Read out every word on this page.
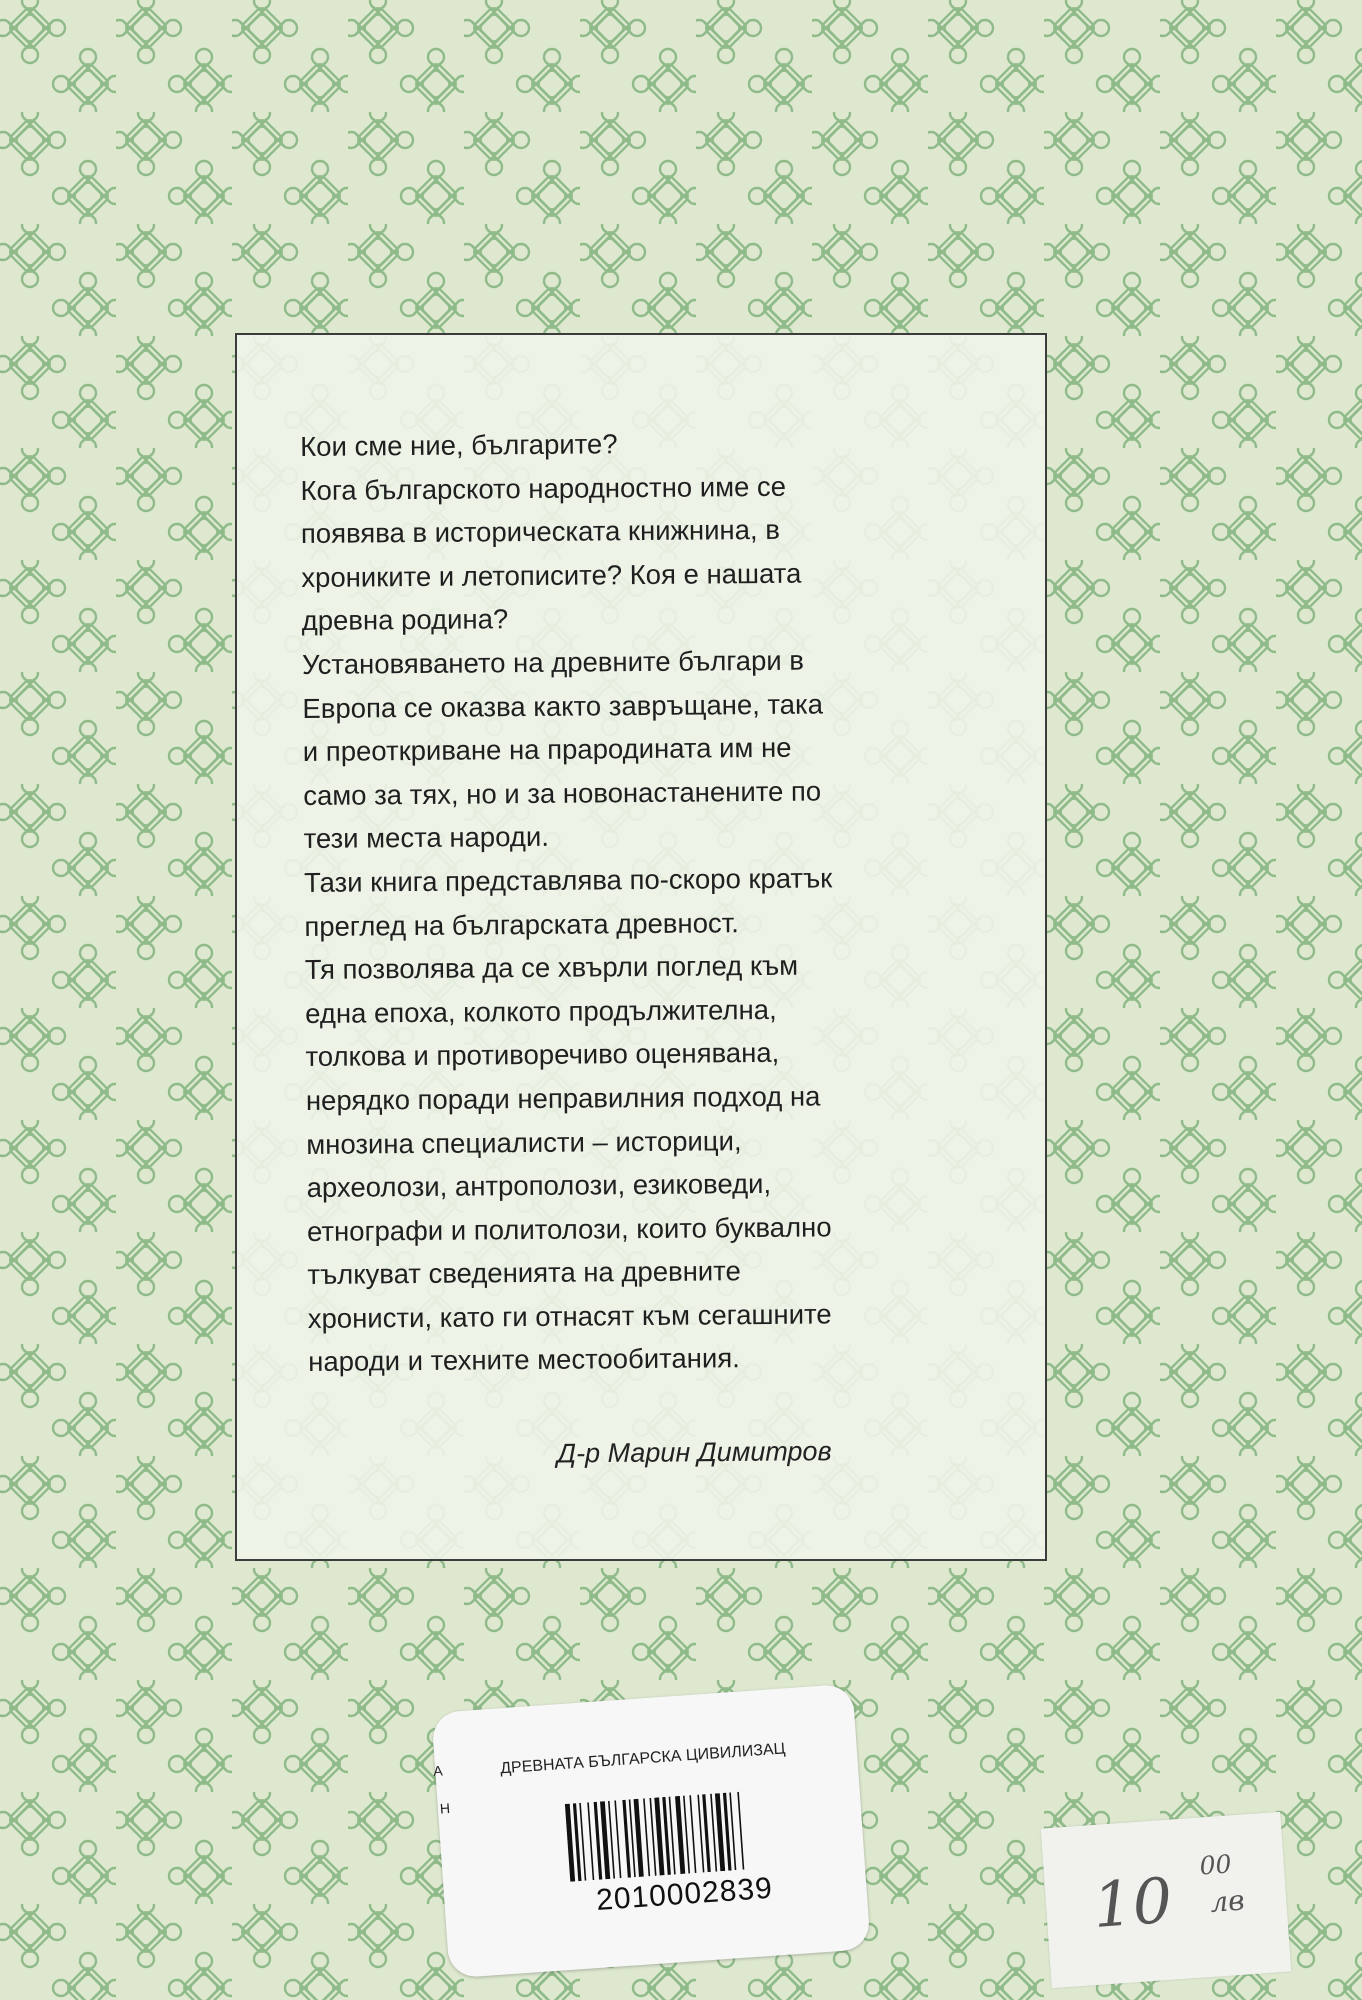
Кои сме ние, българите?
Кога българското народностно име се
появява в историческата книжнина, в
хрониките и летописите? Коя е нашата
древна родина?
Установяването на древните българи в
Европа се оказва както завръщане, така
и преоткриване на прародината им не
само за тях, но и за новонастанените по
тези места народи.
Тази книга представлява по-скоро кратък
преглед на българската древност.
Тя позволява да се хвърли поглед към
една епоха, колкото продължителна,
толкова и противоречиво оценявана,
нерядко поради неправилния подход на
мнозина специалисти – историци,
археолози, антрополози, езиковеди,
етнографи и политолози, които буквално
тълкуват сведенията на древните
хронисти, като ги отнасят към сегашните
народи и техните местообитания.

Д-р Марин Димитров
А
Н
ДРЕВНАТА БЪЛГАРСКА ЦИВИЛИЗАЦ
2010002839	10 00
лв
